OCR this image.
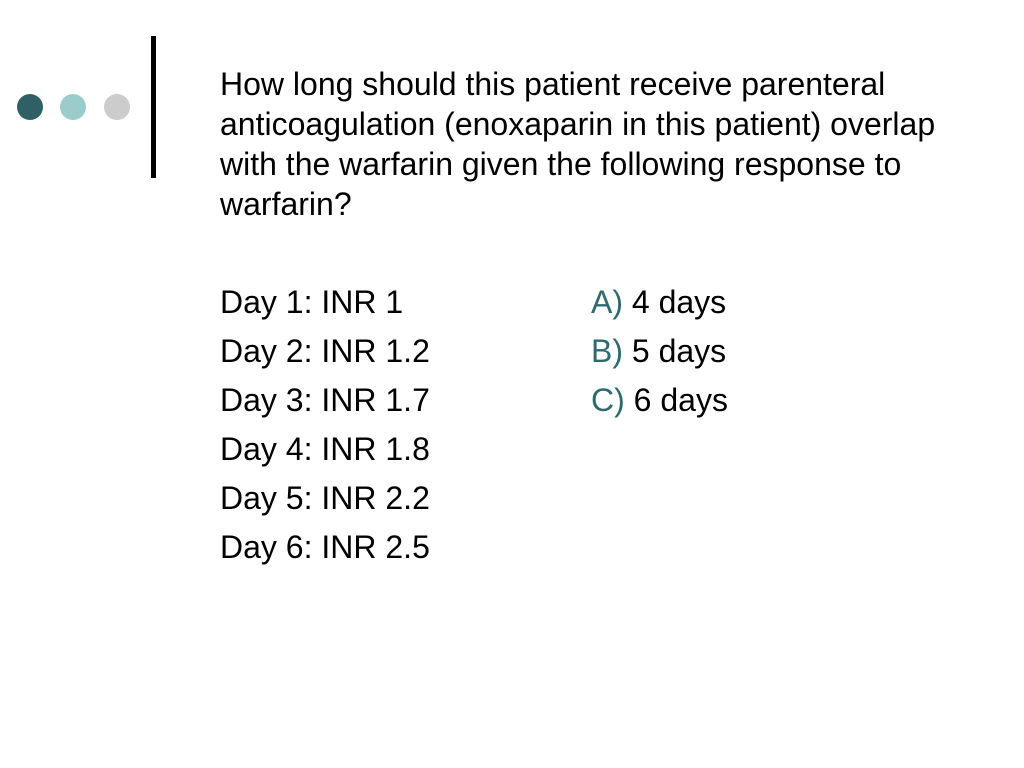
How long should this patient receive parenteral anticoagulation (enoxaparin in this patient) overlap with the warfarin given the following response to warfarin?

Day 1: INR 1
Day 2: INR 1.2
Day 3: INR 1.7
Day 4: INR 1.8
Day 5: INR 2.2
Day 6: INR 2.5
A) 4 days
B) 5 days
C) 6 days
